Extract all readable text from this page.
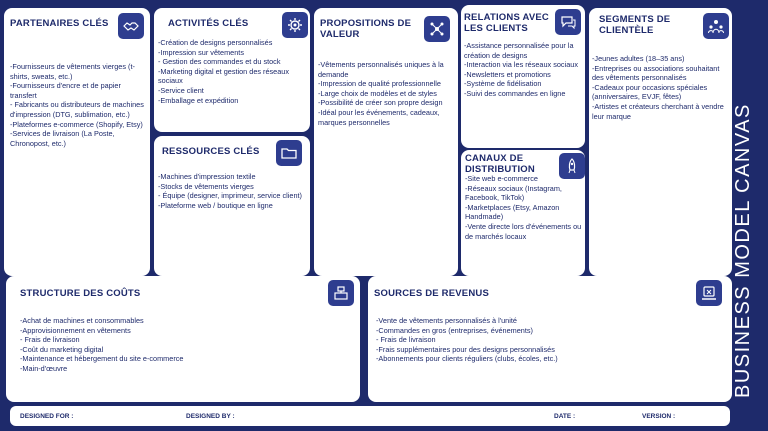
PARTENAIRES CLÉS
-Fournisseurs de vêtements vierges (t-shirts, sweats, etc.)
-Fournisseurs d'encre et de papier transfert
- Fabricants ou distributeurs de machines d'impression (DTG, sublimation, etc.)
-Plateformes e-commerce (Shopify, Etsy)
-Services de livraison (La Poste, Chronopost, etc.)
ACTIVITÉS CLÉS
-Création de designs personnalisés
-Impression sur vêtements
- Gestion des commandes et du stock
-Marketing digital et gestion des réseaux sociaux
-Service client
-Emballage et expédition
RESSOURCES CLÉS
-Machines d'impression textile
-Stocks de vêtements vierges
- Équipe (designer, imprimeur, service client)
-Plateforme web / boutique en ligne
PROPOSITIONS DE VALEUR
-Vêtements personnalisés uniques à la demande
-Impression de qualité professionnelle
-Large choix de modèles et de styles
-Possibilité de créer son propre design
-Idéal pour les événements, cadeaux, marques personnelles
RELATIONS AVEC LES CLIENTS
-Assistance personnalisée pour la création de designs
-Interaction via les réseaux sociaux
-Newsletters et promotions
-Système de fidélisation
-Suivi des commandes en ligne
CANAUX DE DISTRIBUTION
-Site web e-commerce
-Réseaux sociaux (Instagram, Facebook, TikTok)
-Marketplaces (Etsy, Amazon Handmade)
-Vente directe lors d'événements ou de marchés locaux
SEGMENTS DE CLIENTÈLE
-Jeunes adultes (18–35 ans)
-Entreprises ou associations souhaitant des vêtements personnalisés
-Cadeaux pour occasions spéciales (anniversaires, EVJF, fêtes)
-Artistes et créateurs cherchant à vendre leur marque
STRUCTURE DES COÛTS
-Achat de machines et consommables
-Approvisionnement en vêtements
- Frais de livraison
-Coût du marketing digital
-Maintenance et hébergement du site e-commerce
-Main-d'œuvre
SOURCES DE REVENUS
-Vente de vêtements personnalisés à l'unité
-Commandes en gros (entreprises, événements)
- Frais de livraison
-Frais supplémentaires pour des designs personnalisés
-Abonnements pour clients réguliers (clubs, écoles, etc.)	BUSINESS MODEL CANVAS
DESIGNED FOR :	DESIGNED BY :	DATE :	VERSION :
